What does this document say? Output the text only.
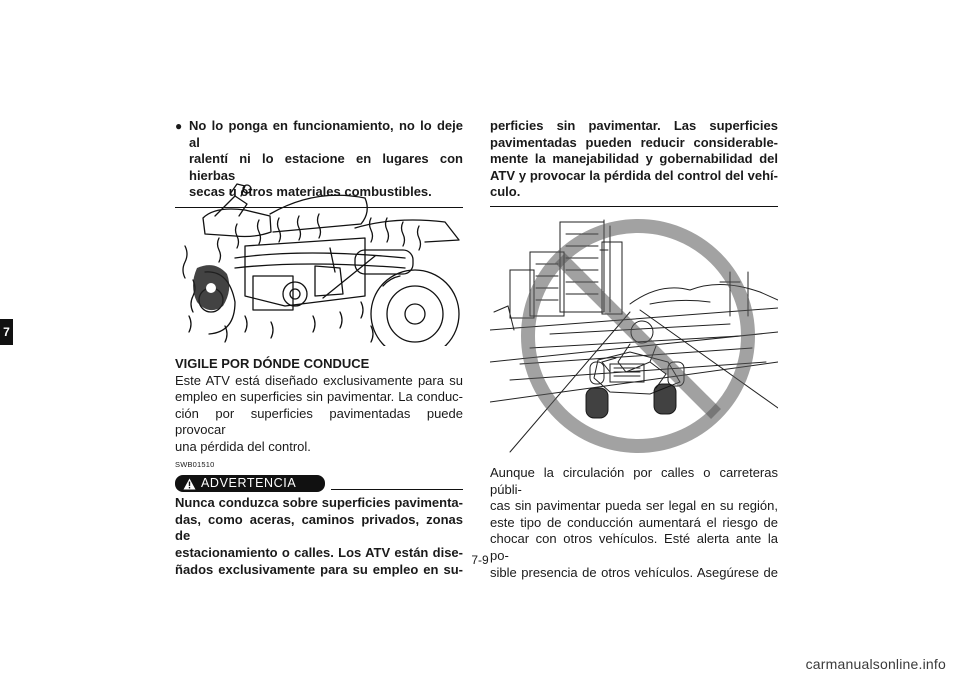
7
● No lo ponga en funcionamiento, no lo deje al
ralentí ni lo estacione en lugares con hierbas
secas u otros materiales combustibles.
VIGILE POR DÓNDE CONDUCE
Este ATV está diseñado exclusivamente para su
empleo en superficies sin pavimentar. La conduc-
ción por superficies pavimentadas puede provocar
una pérdida del control.
SWB01510
ADVERTENCIA
Nunca conduzca sobre superficies pavimenta-
das, como aceras, caminos privados, zonas de
estacionamiento o calles. Los ATV están dise-
ñados exclusivamente para su empleo en su-
perficies sin pavimentar. Las superficies
pavimentadas pueden reducir considerable-
mente la manejabilidad y gobernabilidad del
ATV y provocar la pérdida del control del vehí-
culo.
Aunque la circulación por calles o carreteras públi-
cas sin pavimentar pueda ser legal en su región,
este tipo de conducción aumentará el riesgo de
chocar con otros vehículos. Esté alerta ante la po-
sible presencia de otros vehículos. Asegúrese de
7-9
carmanualsonline.info
